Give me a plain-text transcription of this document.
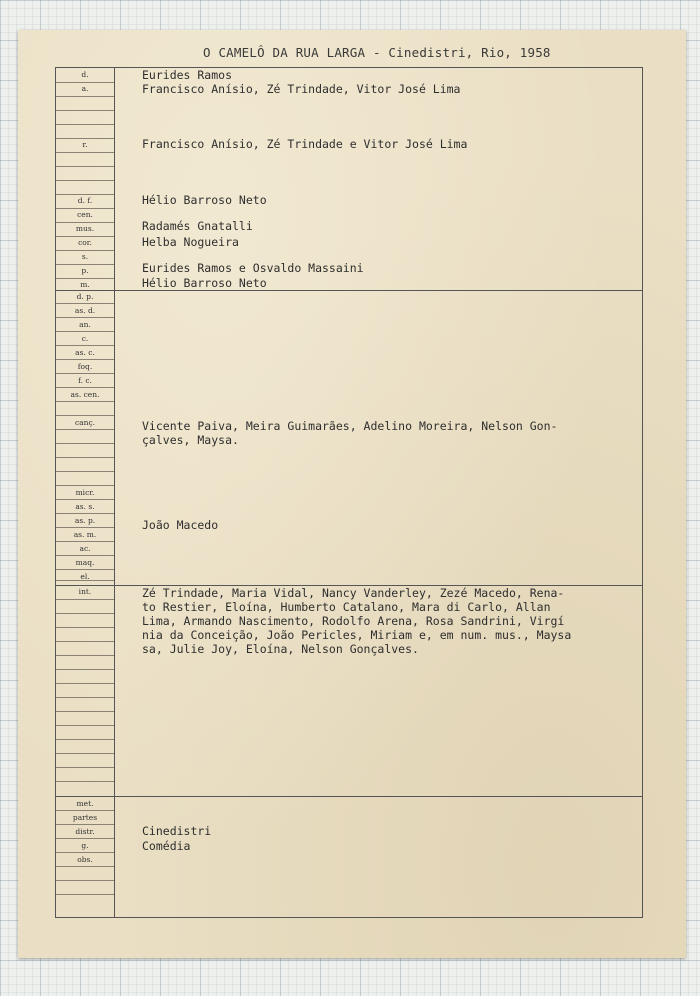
O CAMELÔ DA RUA LARGA - Cinedistri, Rio, 1958
d.
a.
r.
d. f.
cen.
mus.
cor.
s.
p.
m.
d. p.
as. d.
an.
c.
as. c.
foq.
f. c.
as. cen.
canç.
micr.
as. s.
as. p.
as. m.
ac.
maq.
el.
int.
met.
partes
distr.
g.
obs.
Eurides Ramos
Francisco Anísio, Zé Trindade, Vitor José Lima
Francisco Anísio, Zé Trindade e Vitor José Lima
Hélio Barroso Neto
Radamés Gnatalli
Helba Nogueira
Eurides Ramos e Osvaldo Massaini
Hélio Barroso Neto
Vicente Paiva, Meira Guimarães, Adelino Moreira, Nelson Gon-
çalves, Maysa.
João Macedo
Zé Trindade, Maria Vidal, Nancy Vanderley, Zezé Macedo, Rena-
to Restier, Eloína, Humberto Catalano, Mara di Carlo, Allan
Lima, Armando Nascimento, Rodolfo Arena, Rosa Sandrini, Virgí
nia da Conceição, João Pericles, Miriam e, em num. mus., Maysa
sa, Julie Joy, Eloína, Nelson Gonçalves.
Cinedistri
Comédia
